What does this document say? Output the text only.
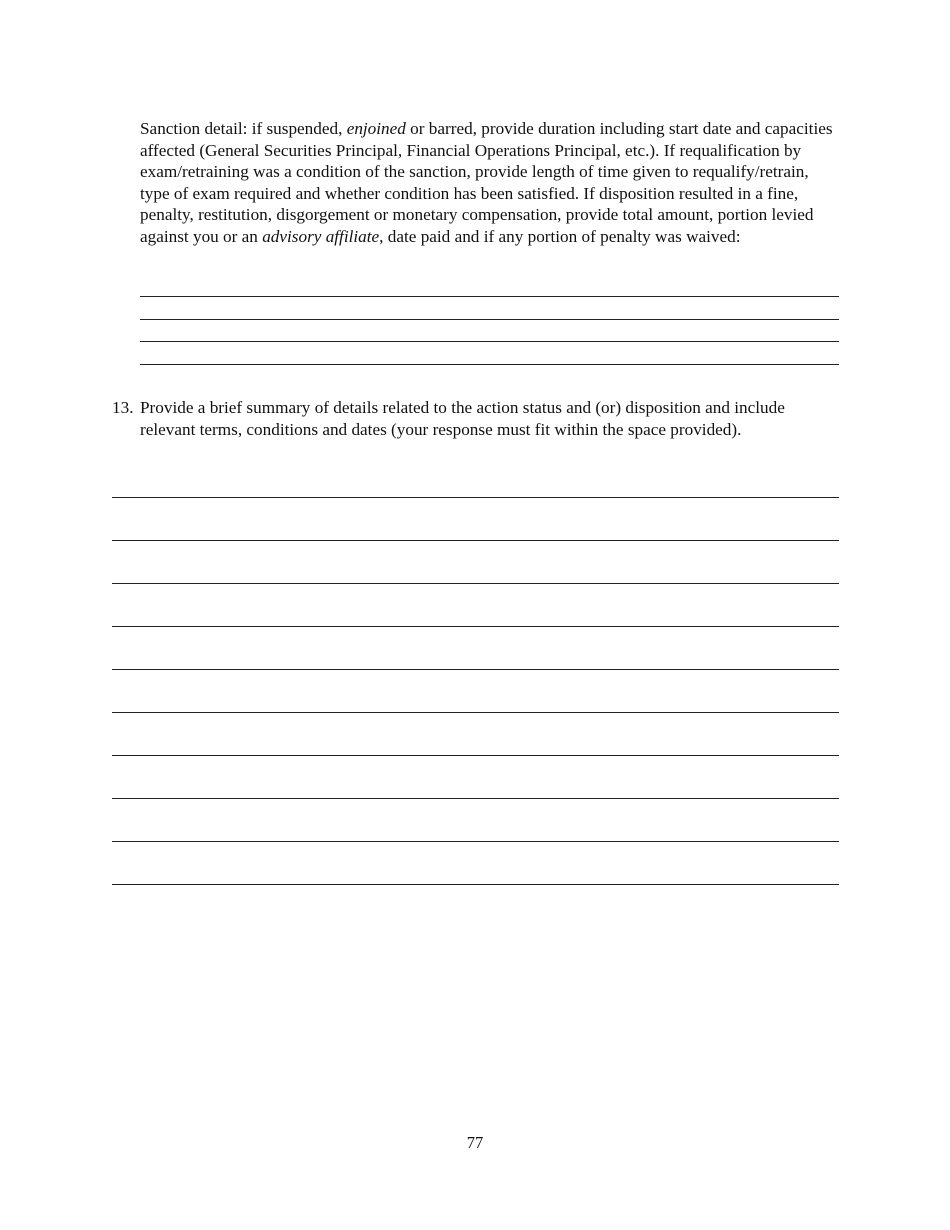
Sanction detail: if suspended, enjoined or barred, provide duration including start date and capacities affected (General Securities Principal, Financial Operations Principal, etc.). If requalification by exam/retraining was a condition of the sanction, provide length of time given to requalify/retrain, type of exam required and whether condition has been satisfied. If disposition resulted in a fine, penalty, restitution, disgorgement or monetary compensation, provide total amount, portion levied against you or an advisory affiliate, date paid and if any portion of penalty was waived:

13. Provide a brief summary of details related to the action status and (or) disposition and include relevant terms, conditions and dates (your response must fit within the space provided).
77
